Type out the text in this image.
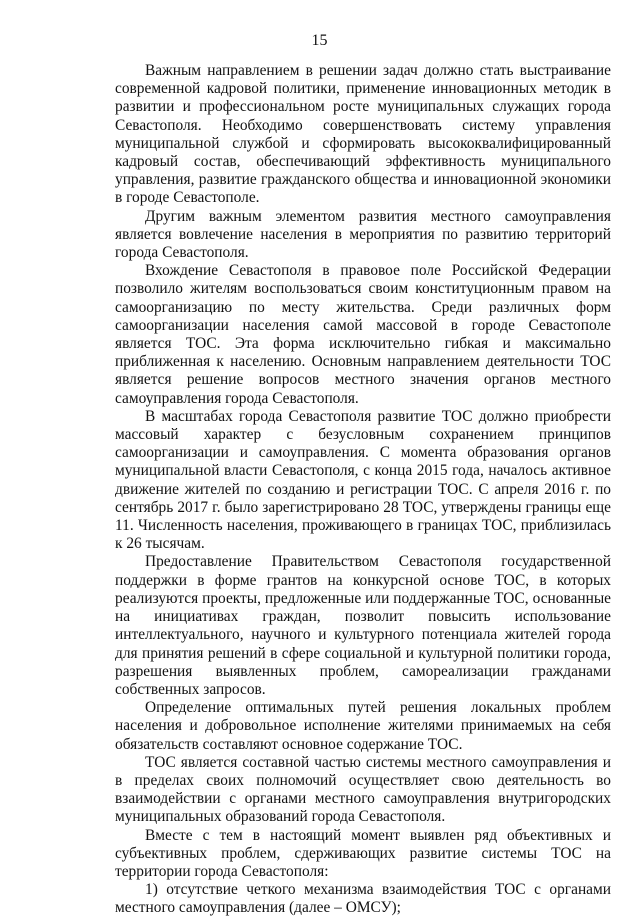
15

Важным направлением в решении задач должно стать выстраивание современной кадровой политики, применение инновационных методик в развитии и профессиональном росте муниципальных служащих города Севастополя. Необходимо совершенствовать систему управления муниципальной службой и сформировать высококвалифицированный кадровый состав, обеспечивающий эффективность муниципального управления, развитие гражданского общества и инновационной экономики в городе Севастополе.

Другим важным элементом развития местного самоуправления является вовлечение населения в мероприятия по развитию территорий города Севастополя.

Вхождение Севастополя в правовое поле Российской Федерации позволило жителям воспользоваться своим конституционным правом на самоорганизацию по месту жительства. Среди различных форм самоорганизации населения самой массовой в городе Севастополе является ТОС. Эта форма исключительно гибкая и максимально приближенная к населению. Основным направлением деятельности ТОС является решение вопросов местного значения органов местного самоуправления города Севастополя.

В масштабах города Севастополя развитие ТОС должно приобрести массовый характер с безусловным сохранением принципов самоорганизации и самоуправления. С момента образования органов муниципальной власти Севастополя, с конца 2015 года, началось активное движение жителей по созданию и регистрации ТОС. С апреля 2016 г. по сентябрь 2017 г. было зарегистрировано 28 ТОС, утверждены границы еще 11. Численность населения, проживающего в границах ТОС, приблизилась к 26 тысячам.

Предоставление Правительством Севастополя государственной поддержки в форме грантов на конкурсной основе ТОС, в которых реализуются проекты, предложенные или поддержанные ТОС, основанные на инициативах граждан, позволит повысить использование интеллектуального, научного и культурного потенциала жителей города для принятия решений в сфере социальной и культурной политики города, разрешения выявленных проблем, самореализации гражданами собственных запросов.

Определение оптимальных путей решения локальных проблем населения и добровольное исполнение жителями принимаемых на себя обязательств составляют основное содержание ТОС.

ТОС является составной частью системы местного самоуправления и в пределах своих полномочий осуществляет свою деятельность во взаимодействии с органами местного самоуправления внутригородских муниципальных образований города Севастополя.

Вместе с тем в настоящий момент выявлен ряд объективных и субъективных проблем, сдерживающих развитие системы ТОС на территории города Севастополя:

1) отсутствие четкого механизма взаимодействия ТОС с органами местного самоуправления (далее – ОМСУ);
